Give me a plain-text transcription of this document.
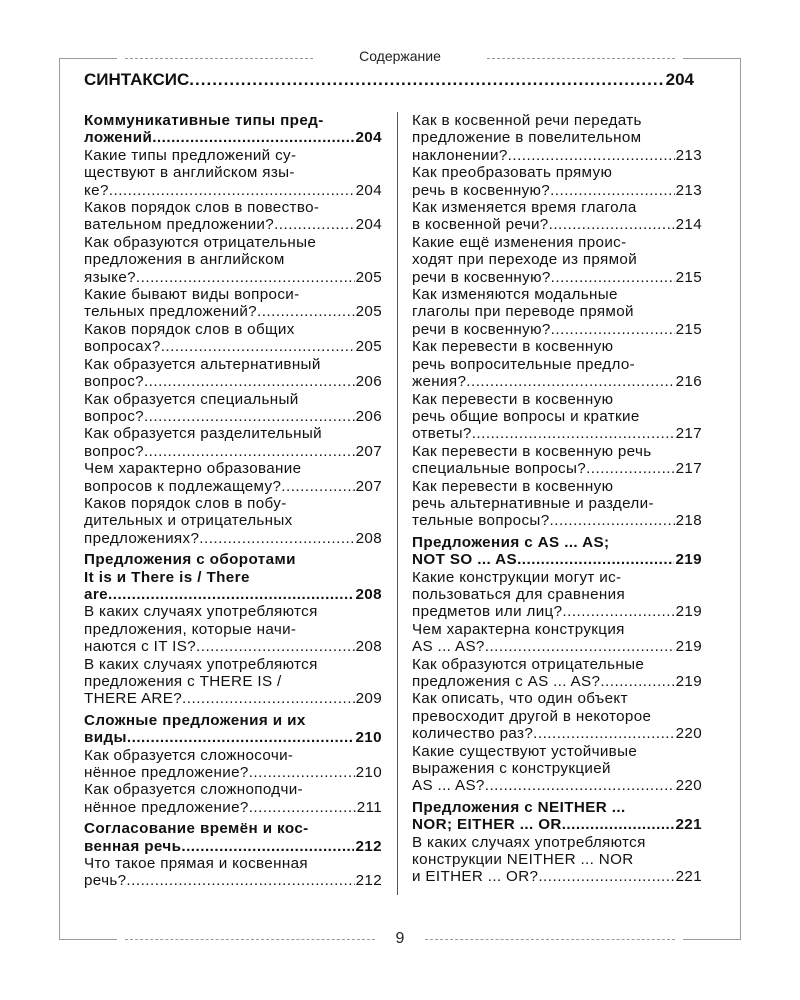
Содержание
СИНТАКСИС .....	204
Коммуникативные типы пред-
ложений .....	204
Какие типы предложений су-
ществуют в английском язы-
ке? .....	204
Каков порядок слов в повество-
вательном предложении? .....	204
Как образуются отрицательные
предложения в английском
языке? .....	205
Какие бывают виды вопроси-
тельных предложений? .....	205
Каков порядок слов в общих
вопросах? .....	205
Как образуется альтернативный
вопрос? .....	206
Как образуется специальный
вопрос? .....	206
Как образуется разделительный
вопрос? .....	207
Чем характерно образование
вопросов к подлежащему? .....	207
Каков порядок слов в побу-
дительных и отрицательных
предложениях? .....	208
Предложения с оборотами
It is и There is / There
are .....	208
В каких случаях употребляются
предложения, которые начи-
наются с IT IS? .....	208
В каких случаях употребляются
предложения с THERE IS /
THERE ARE? .....	209
Сложные предложения и их
виды .....	210
Как образуется сложносочи-
нённое предложение? .....	210
Как образуется сложноподчи-
нённое предложение? .....	211
Согласование времён и кос-
венная речь .....	212
Что такое прямая и косвенная
речь? .....	212
Как в косвенной речи передать
предложение в повелительном
наклонении? .....	213
Как преобразовать прямую
речь в косвенную? .....	213
Как изменяется время глагола
в косвенной речи? .....	214
Какие ещё изменения проис-
ходят при переходе из прямой
речи в косвенную? .....	215
Как изменяются модальные
глаголы при переводе прямой
речи в косвенную? .....	215
Как перевести в косвенную
речь вопросительные предло-
жения? .....	216
Как перевести в косвенную
речь общие вопросы и краткие
ответы? .....	217
Как перевести в косвенную речь
специальные вопросы? .....	217
Как перевести в косвенную
речь альтернативные и раздели-
тельные вопросы? .....	218
Предложения с AS ... AS;
NOT SO ... AS .....	219
Какие конструкции могут ис-
пользоваться для сравнения
предметов или лиц? .....	219
Чем характерна конструкция
AS ... AS? .....	219
Как образуются отрицательные
предложения с AS ... AS? .....	219
Как описать, что один объект
превосходит другой в некоторое
количество раз? .....	220
Какие существуют устойчивые
выражения с конструкцией
AS ... AS? .....	220
Предложения с NEITHER ...
NOR; EITHER ... OR. .....	221
В каких случаях употребляются
конструкции NEITHER ... NOR
и EITHER ... OR? .....	221
9
